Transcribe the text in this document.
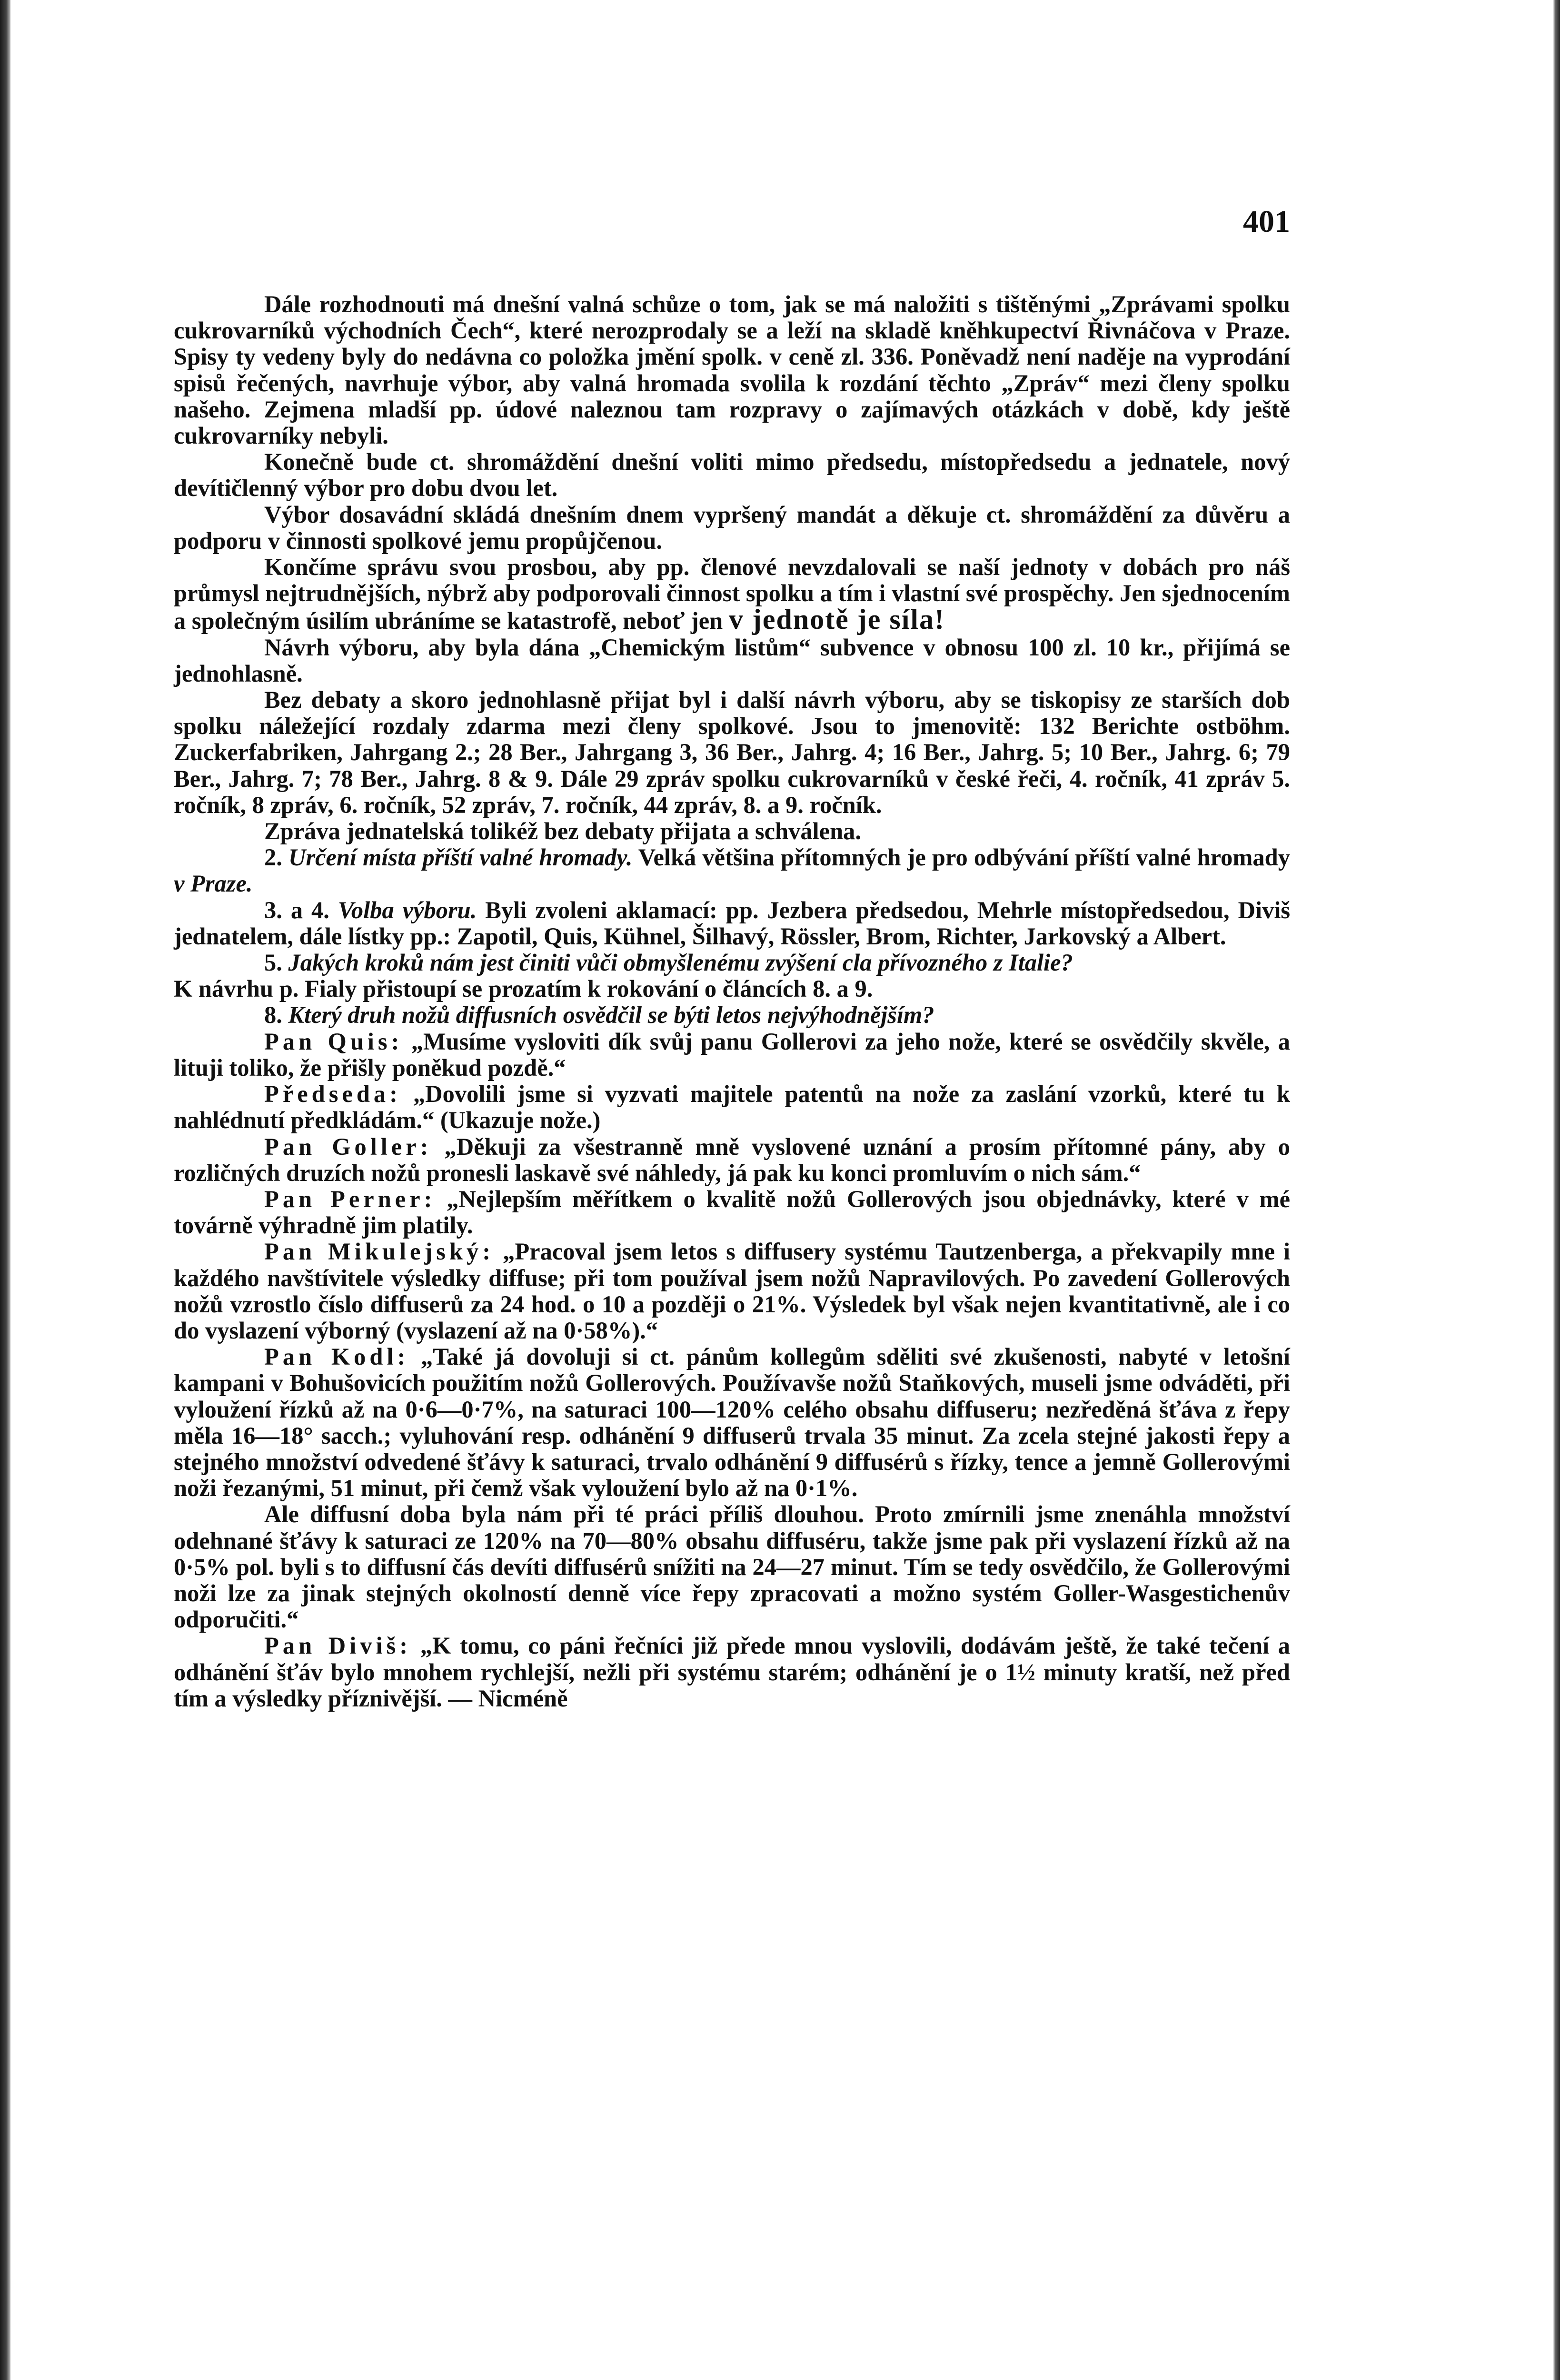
401

Dále rozhodnouti má dnešní valná schůze o tom, jak se má naložiti s tištěnými „Zprávami spolku cukrovarníků východních Čech“, které nerozprodaly se a leží na skladě kněhkupectví Řivnáčova v Praze. Spisy ty vedeny byly do nedávna co položka jmění spolk. v ceně zl. 336. Poněvadž není naděje na vyprodání spisů řečených, navrhuje výbor, aby valná hromada svolila k rozdání těchto „Zpráv“ mezi členy spolku našeho. Zejmena mladší pp. údové naleznou tam rozpravy o zajímavých otázkách v době, kdy ještě cukrovarníky nebyli.

Konečně bude ct. shromáždění dnešní voliti mimo předsedu, místopředsedu a jednatele, nový devítičlenný výbor pro dobu dvou let.

Výbor dosavádní skládá dnešním dnem vypršený mandát a děkuje ct. shromáždění za důvěru a podporu v činnosti spolkové jemu propůjčenou.

Končíme správu svou prosbou, aby pp. členové nevzdalovali se naší jednoty v dobách pro náš průmysl nejtrudnějších, nýbrž aby podporovali činnost spolku a tím i vlastní své prospěchy. Jen sjednocením a společným úsilím ubráníme se katastrofě, neboť jen v jednotě je síla!

Návrh výboru, aby byla dána „Chemickým listům“ subvence v obnosu 100 zl. 10 kr., přijímá se jednohlasně.

Bez debaty a skoro jednohlasně přijat byl i další návrh výboru, aby se tiskopisy ze starších dob spolku náležející rozdaly zdarma mezi členy spolkové. Jsou to jmenovitě: 132 Berichte ostböhm. Zuckerfabriken, Jahrgang 2.; 28 Ber., Jahrgang 3, 36 Ber., Jahrg. 4; 16 Ber., Jahrg. 5; 10 Ber., Jahrg. 6; 79 Ber., Jahrg. 7; 78 Ber., Jahrg. 8 & 9. Dále 29 zpráv spolku cukrovarníků v české řeči, 4. ročník, 41 zpráv 5. ročník, 8 zpráv, 6. ročník, 52 zpráv, 7. ročník, 44 zpráv, 8. a 9. ročník.

Zpráva jednatelská tolikéž bez debaty přijata a schválena.

2. Určení místa příští valné hromady. Velká většina přítomných je pro odbývání příští valné hromady v Praze.

3. a 4. Volba výboru. Byli zvoleni aklamací: pp. Jezbera předsedou, Mehrle místopředsedou, Diviš jednatelem, dále lístky pp.: Zapotil, Quis, Kühnel, Šilhavý, Rössler, Brom, Richter, Jarkovský a Albert.

5. Jakých kroků nám jest činiti vůči obmyšlenému zvýšení cla přívozného z Italie?
K návrhu p. Fialy přistoupí se prozatím k rokování o článcích 8. a 9.

8. Který druh nožů diffusních osvědčil se býti letos nejvýhodnějším?

Pan Quis: „Musíme vysloviti dík svůj panu Gollerovi za jeho nože, které se osvědčily skvěle, a lituji toliko, že přišly poněkud pozdě.“

Předseda: „Dovolili jsme si vyzvati majitele patentů na nože za zaslání vzorků, které tu k nahlédnutí předkládám.“ (Ukazuje nože.)

Pan Goller: „Děkuji za všestranně mně vyslovené uznání a prosím přítomné pány, aby o rozličných druzích nožů pronesli laskavě své náhledy, já pak ku konci promluvím o nich sám.“

Pan Perner: „Nejlepším měřítkem o kvalitě nožů Gollerových jsou objednávky, které v mé továrně výhradně jim platily.

Pan Mikulejský: „Pracoval jsem letos s diffusery systému Tautzenberga, a překvapily mne i každého navštívitele výsledky diffuse; při tom používal jsem nožů Napravilových. Po zavedení Gollerových nožů vzrostlo číslo diffuserů za 24 hod. o 10 a později o 21%. Výsledek byl však nejen kvantitativně, ale i co do vyslazení výborný (vyslazení až na 0·58%).“

Pan Kodl: „Také já dovoluji si ct. pánům kollegům sděliti své zkušenosti, nabyté v letošní kampani v Bohušovicích použitím nožů Gollerových. Používavše nožů Staňkových, museli jsme odváděti, při vyloužení řízků až na 0·6—0·7%, na saturaci 100—120% celého obsahu diffuseru; nezředěná šťáva z řepy měla 16—18° sacch.; vyluhování resp. odhánění 9 diffuserů trvala 35 minut. Za zcela stejné jakosti řepy a stejného množství odvedené šťávy k saturaci, trvalo odhánění 9 diffusérů s řízky, tence a jemně Gollerovými noži řezanými, 51 minut, při čemž však vyloužení bylo až na 0·1%.

Ale diffusní doba byla nám při té práci příliš dlouhou. Proto zmírnili jsme znenáhla množství odehnané šťávy k saturaci ze 120% na 70—80% obsahu diffuséru, takže jsme pak při vyslazení řízků až na 0·5% pol. byli s to diffusní čás devíti diffusérů snížiti na 24—27 minut. Tím se tedy osvědčilo, že Gollerovými noži lze za jinak stejných okolností denně více řepy zpracovati a možno systém Goller-Wasgestichenův odporučiti.“

Pan Diviš: „K tomu, co páni řečníci již přede mnou vyslovili, dodávám ještě, že také tečení a odhánění šťáv bylo mnohem rychlejší, nežli při systému starém; odhánění je o 1½ minuty kratší, než před tím a výsledky příznivější. — Nicméně
